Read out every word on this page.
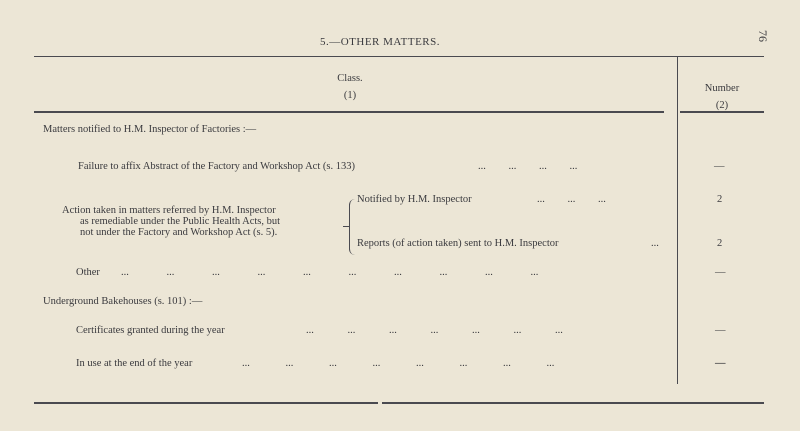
5.—OTHER MATTERS.	76
Class.
(1)
Number
(2)
Matters notified to H.M. Inspector of Factories :—
Failure to affix Abstract of the Factory and Workshop Act (s. 133)	... ... ... ...	—
Action taken in matters referred by H.M. Inspector
as remediable under the Public Health Acts, but
not under the Factory and Workshop Act (s. 5).
Notified by H.M. Inspector	... ... ...	2
Reports (of action taken) sent to H.M. Inspector	...	2
Other ... ... ... ... ... ... ... ... ... ...	—
Underground Bakehouses (s. 101) :—
Certificates granted during the year	... ... ... ... ... ... ...	—
In use at the end of the year	... ... ... ... ... ... ... ...	—
